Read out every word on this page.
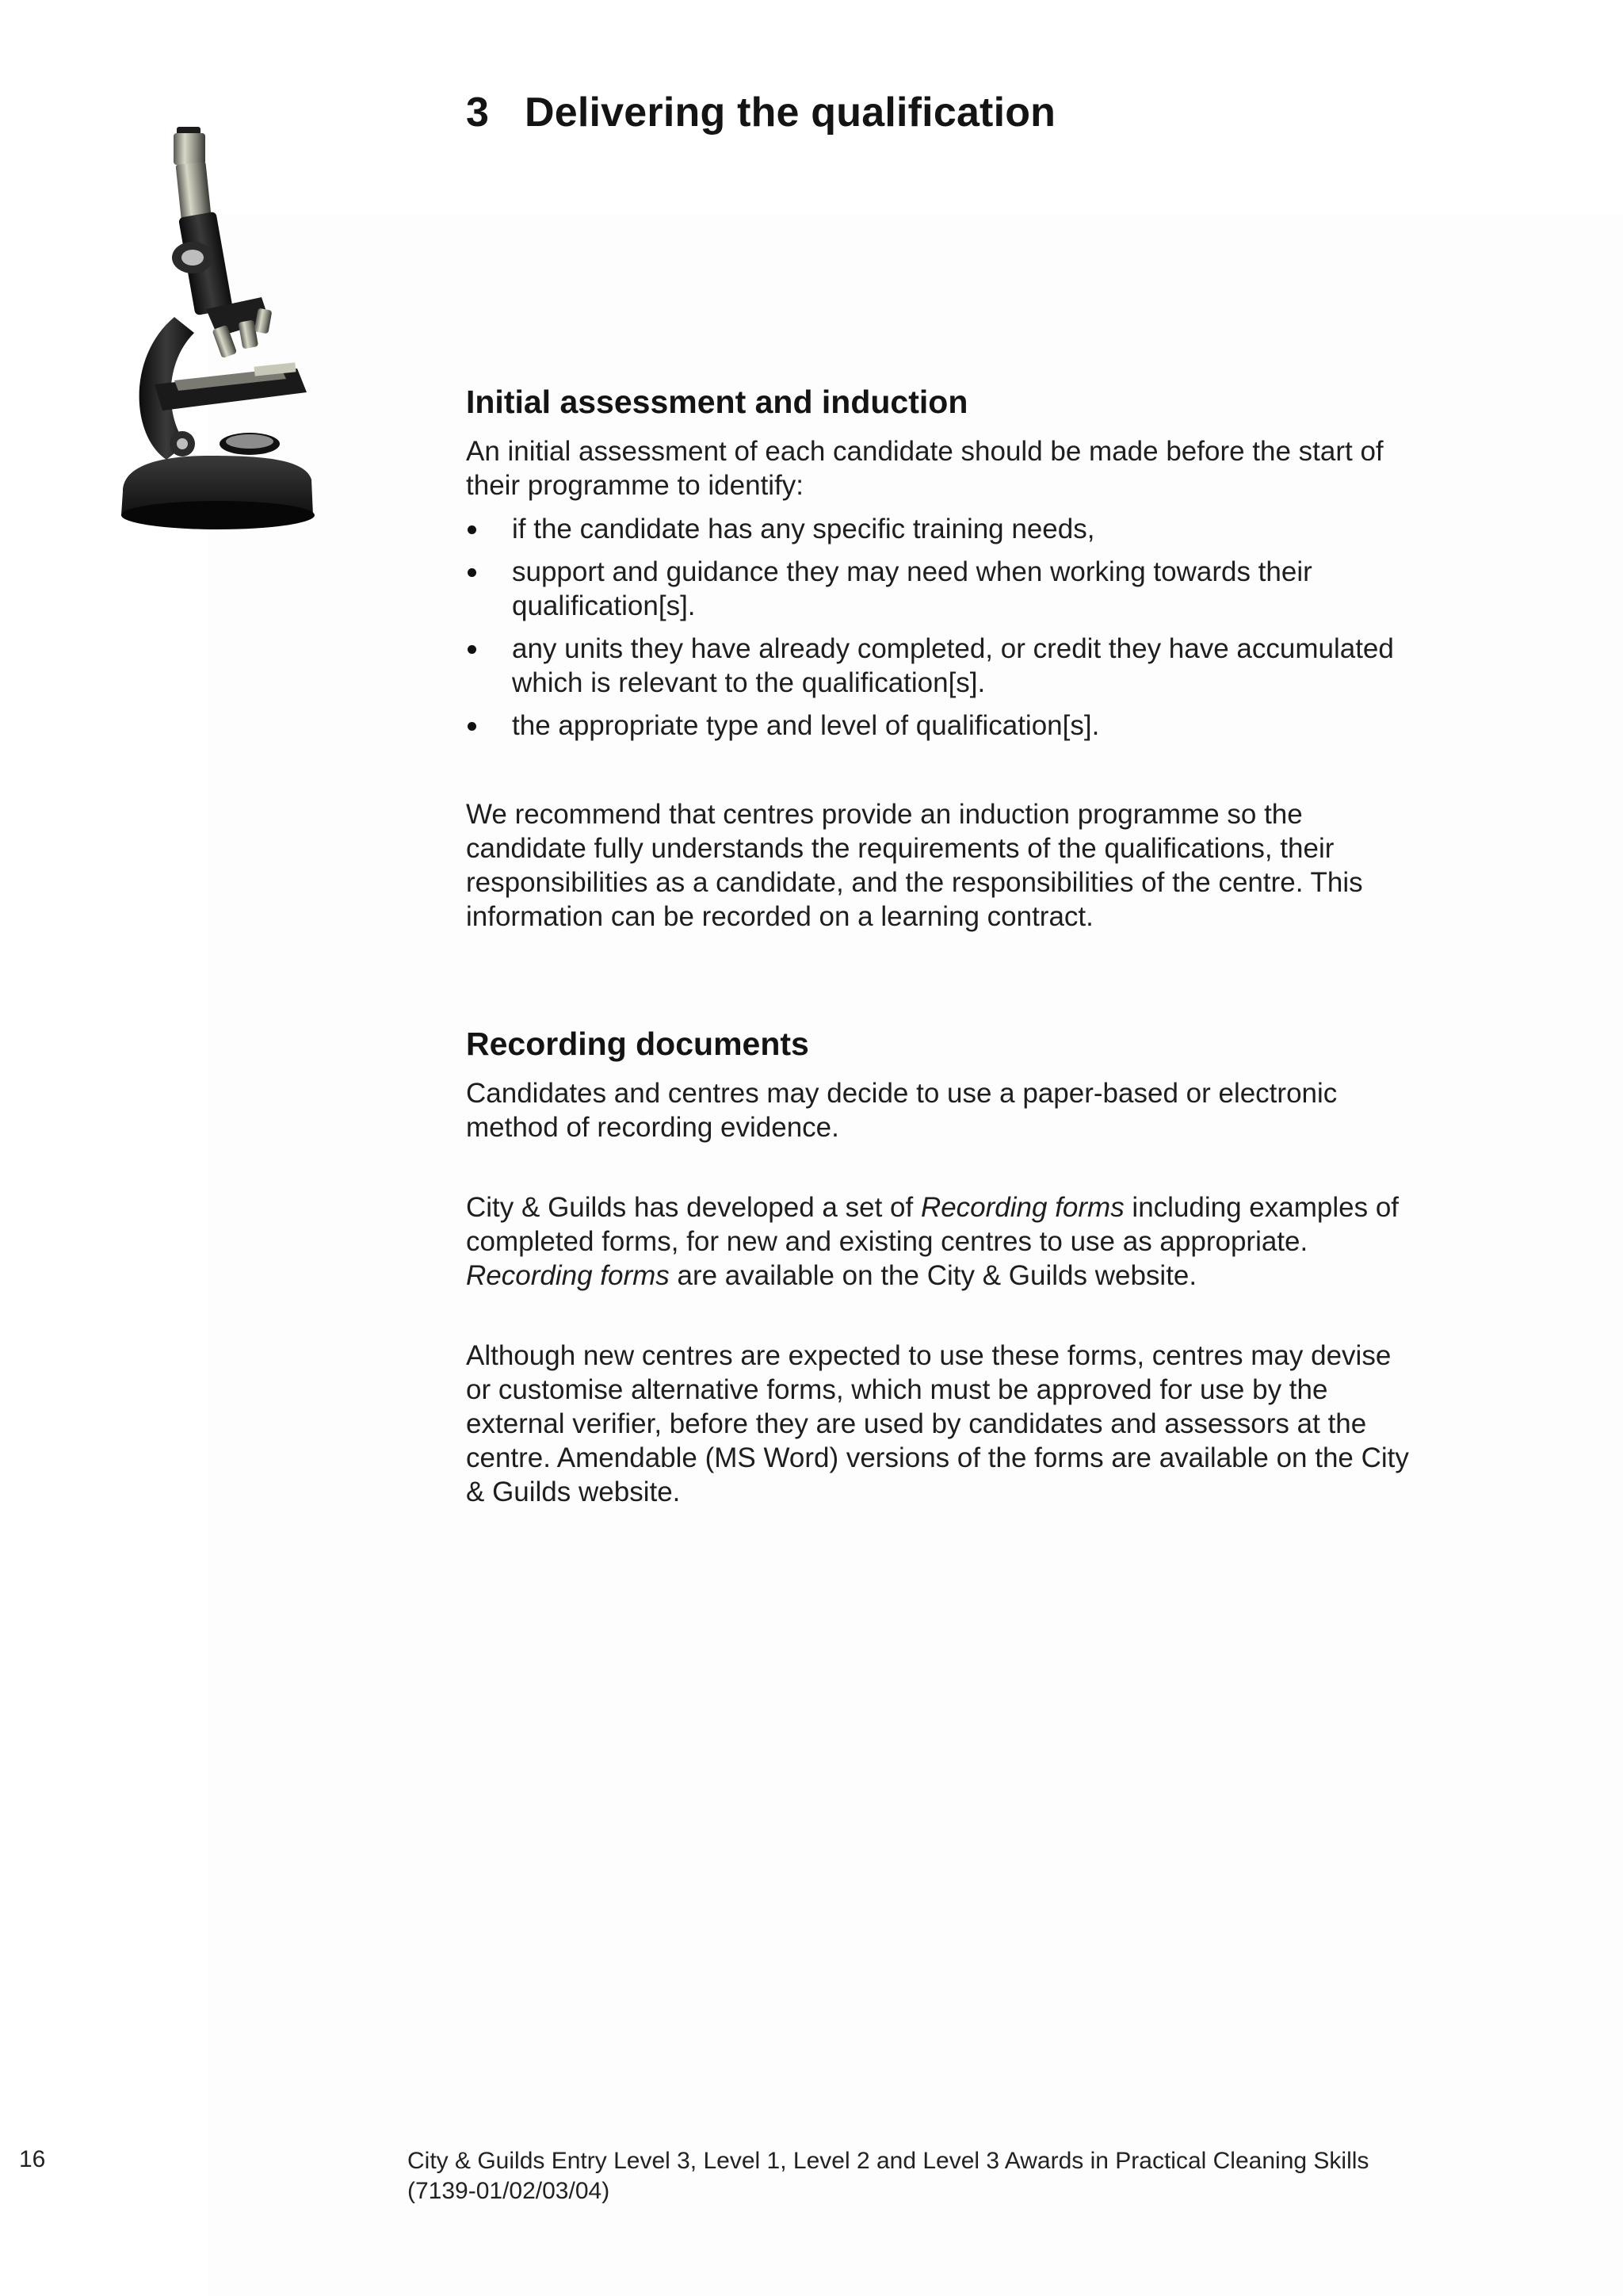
3 Delivering the qualification
Initial assessment and induction

An initial assessment of each candidate should be made before the start of their programme to identify:

if the candidate has any specific training needs,
support and guidance they may need when working towards their qualification[s].
any units they have already completed, or credit they have accumulated which is relevant to the qualification[s].
the appropriate type and level of qualification[s].

We recommend that centres provide an induction programme so the candidate fully understands the requirements of the qualifications, their responsibilities as a candidate, and the responsibilities of the centre. This information can be recorded on a learning contract.

Recording documents

Candidates and centres may decide to use a paper-based or electronic method of recording evidence.

City & Guilds has developed a set of Recording forms including examples of completed forms, for new and existing centres to use as appropriate. Recording forms are available on the City & Guilds website.

Although new centres are expected to use these forms, centres may devise or customise alternative forms, which must be approved for use by the external verifier, before they are used by candidates and assessors at the centre. Amendable (MS Word) versions of the forms are available on the City & Guilds website.

16	City & Guilds Entry Level 3, Level 1, Level 2 and Level 3 Awards in Practical Cleaning Skills (7139-01/02/03/04)
